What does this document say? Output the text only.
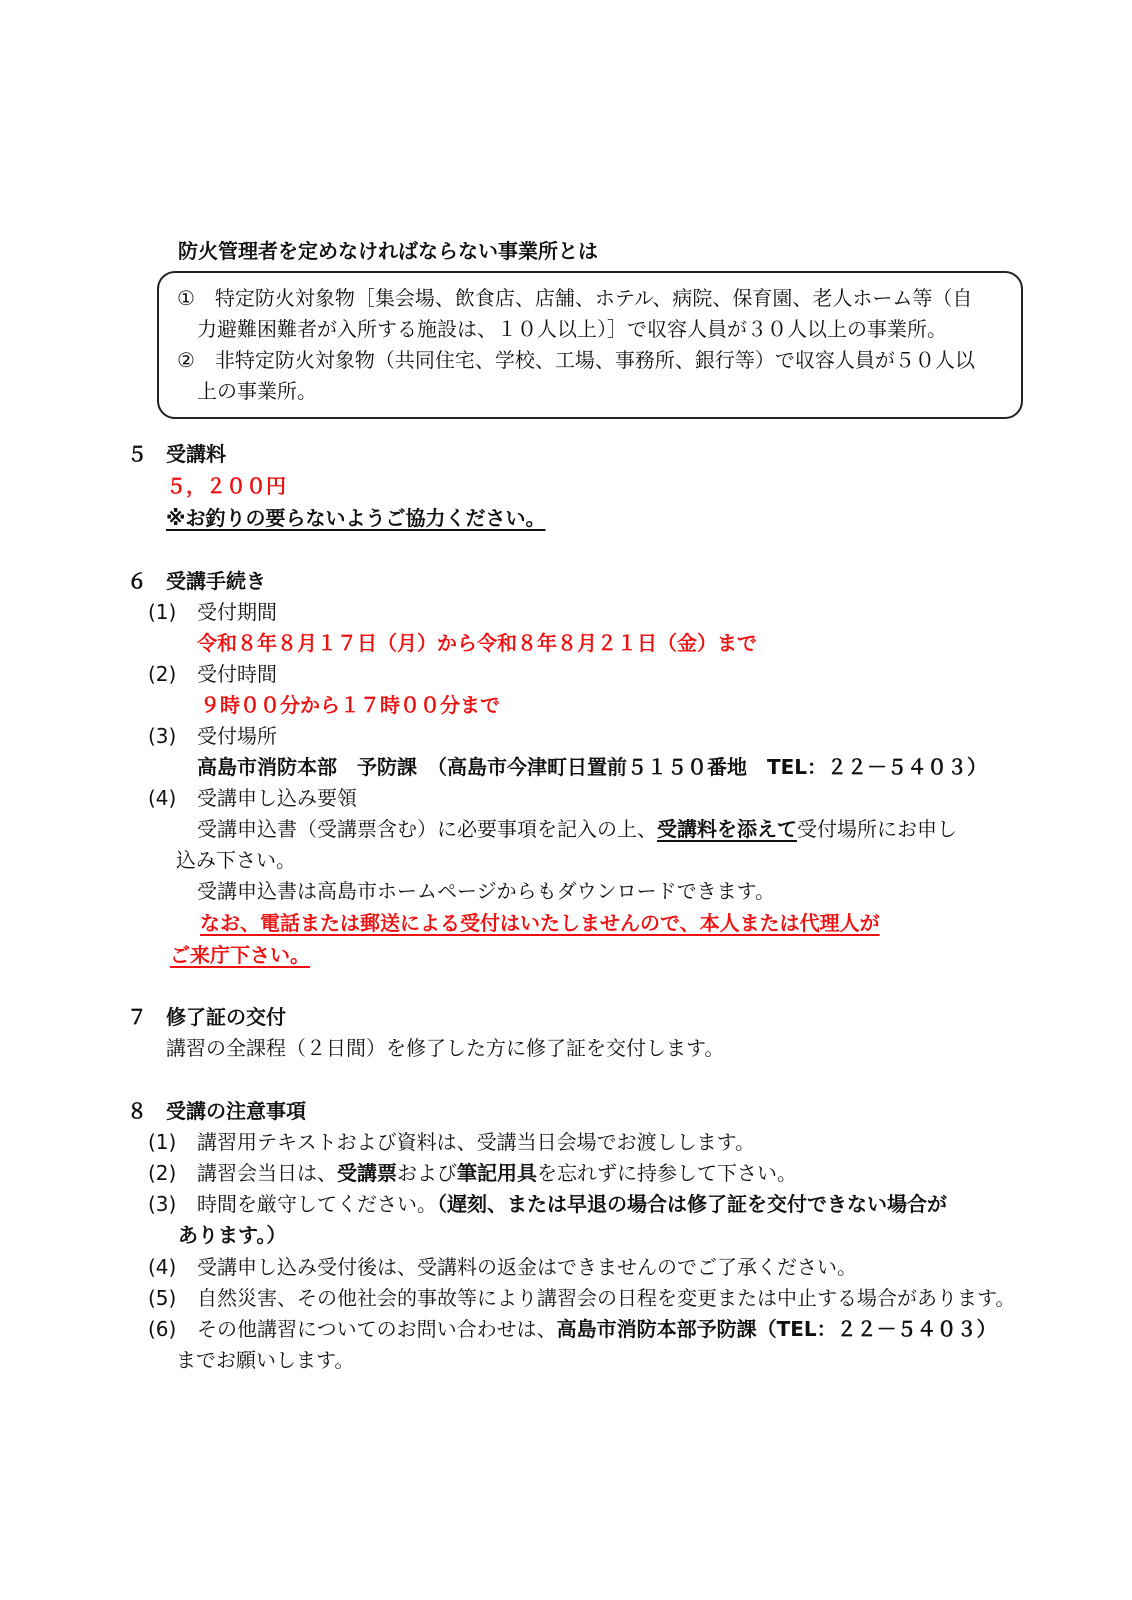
防火管理者を定めなければならない事業所とは
①　特定防火対象物［集会場、飲食店、店舗、ホテル、病院、保育園、老人ホーム等（自
力避難困難者が入所する施設は、１０人以上）］で収容人員が３０人以上の事業所。
②　非特定防火対象物（共同住宅、学校、工場、事務所、銀行等）で収容人員が５０人以
上の事業所。
５ 受講料
５，２００円
※お釣りの要らないようご協力ください。
６ 受講手続き
(1) 受付期間
令和８年８月１７日（月）から令和８年８月２１日（金）まで
(2) 受付時間
９時００分から１７時００分まで
(3) 受付場所
高島市消防本部　予防課　（高島市今津町日置前５１５０番地　TEL：２２－５４０３）
(4) 受講申し込み要領
受講申込書（受講票含む）に必要事項を記入の上、受講料を添えて受付場所にお申し
込み下さい。
受講申込書は高島市ホームページからもダウンロードできます。
なお、電話または郵送による受付はいたしませんので、本人または代理人が
ご来庁下さい。
７ 修了証の交付
講習の全課程（２日間）を修了した方に修了証を交付します。
８ 受講の注意事項
(1) 講習用テキストおよび資料は、受講当日会場でお渡しします。
(2) 講習会当日は、受講票および筆記用具を忘れずに持参して下さい。
(3) 時間を厳守してください。（遅刻、または早退の場合は修了証を交付できない場合が
あります。）
(4) 受講申し込み受付後は、受講料の返金はできませんのでご了承ください。
(5) 自然災害、その他社会的事故等により講習会の日程を変更または中止する場合があります。
(6) その他講習についてのお問い合わせは、高島市消防本部予防課（TEL：２２－５４０３）
までお願いします。
